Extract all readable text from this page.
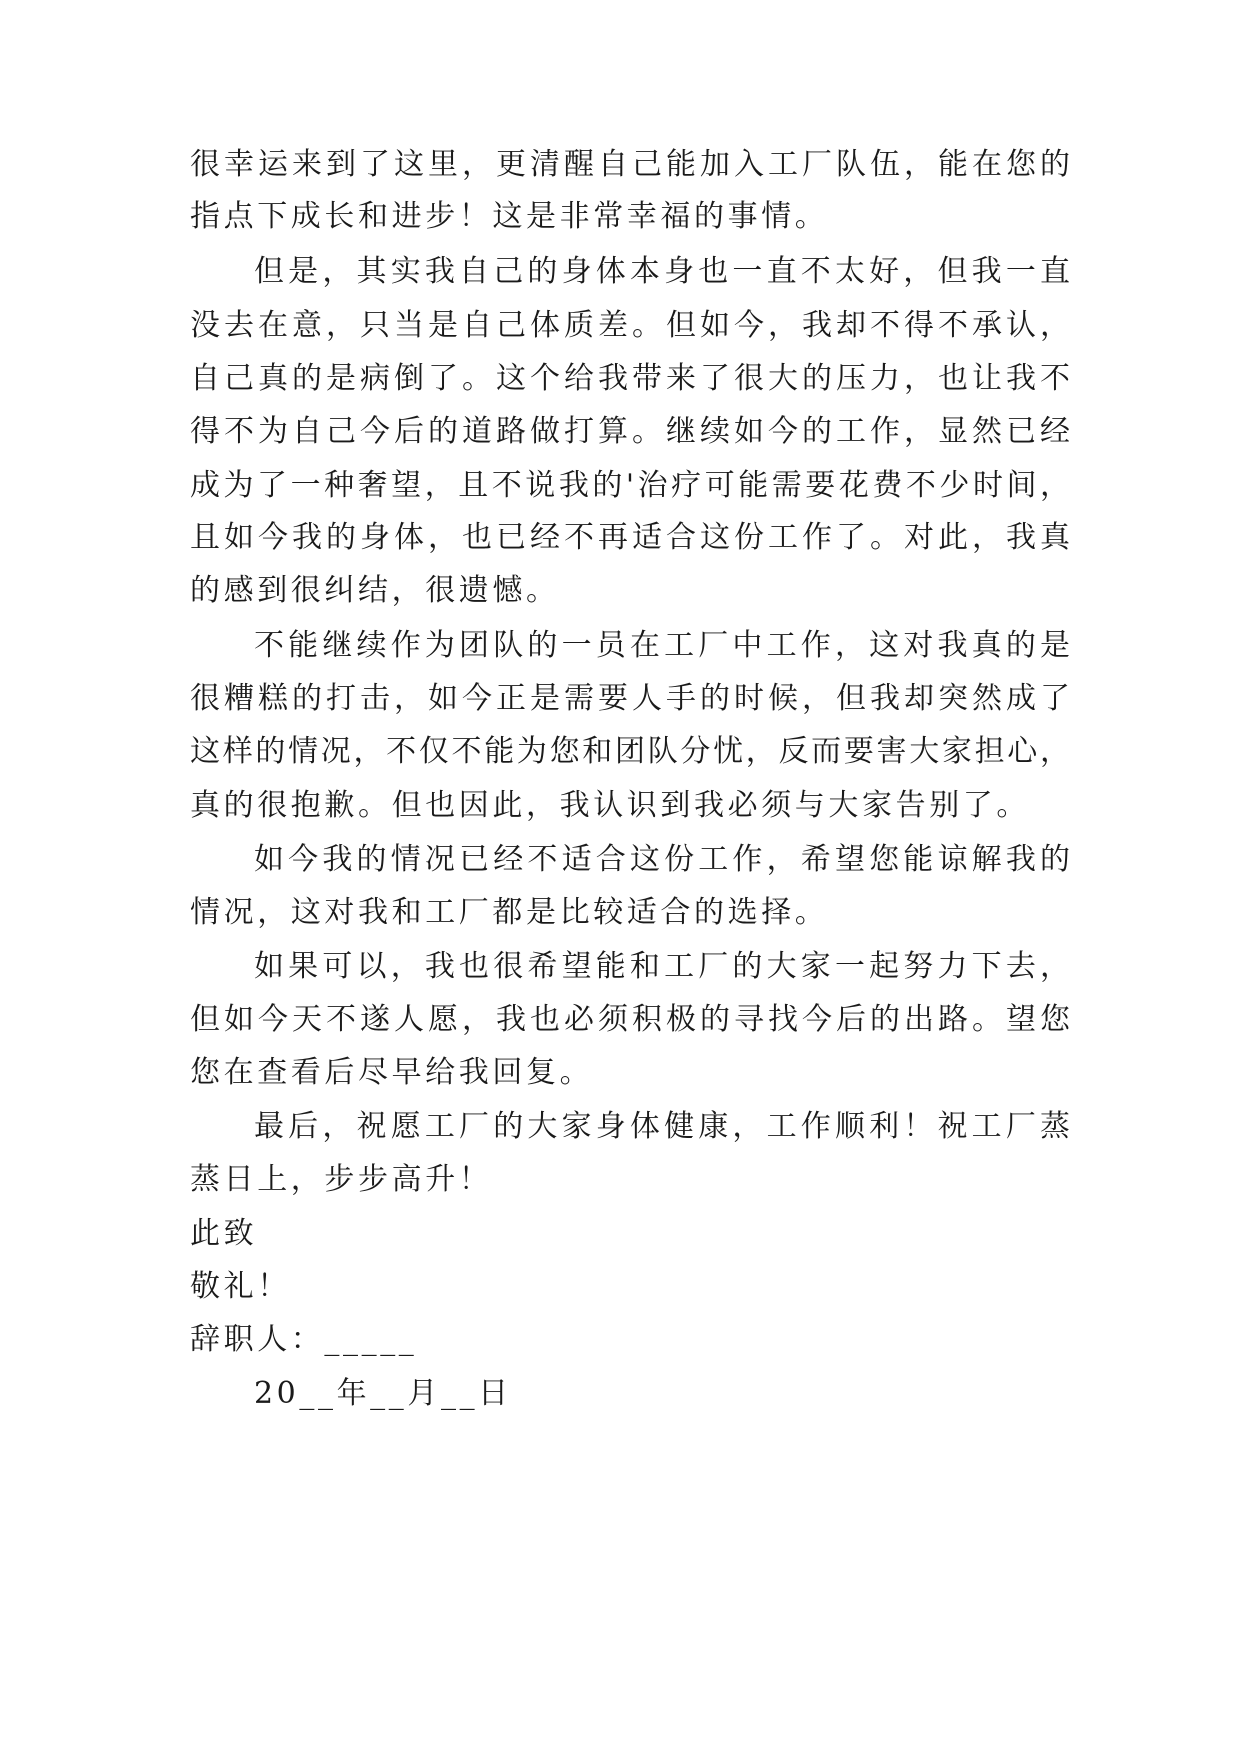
很幸运来到了这里，更清醒自己能加入工厂队伍，能在您的
指点下成长和进步！这是非常幸福的事情。
但是，其实我自己的身体本身也一直不太好，但我一直
没去在意，只当是自己体质差。但如今，我却不得不承认，
自己真的是病倒了。这个给我带来了很大的压力，也让我不
得不为自己今后的道路做打算。继续如今的工作，显然已经
成为了一种奢望，且不说我的'治疗可能需要花费不少时间，
且如今我的身体，也已经不再适合这份工作了。对此，我真
的感到很纠结，很遗憾。
不能继续作为团队的一员在工厂中工作，这对我真的是
很糟糕的打击，如今正是需要人手的时候，但我却突然成了
这样的情况，不仅不能为您和团队分忧，反而要害大家担心，
真的很抱歉。但也因此，我认识到我必须与大家告别了。
如今我的情况已经不适合这份工作，希望您能谅解我的
情况，这对我和工厂都是比较适合的选择。
如果可以，我也很希望能和工厂的大家一起努力下去，
但如今天不遂人愿，我也必须积极的寻找今后的出路。望您
您在查看后尽早给我回复。
最后，祝愿工厂的大家身体健康，工作顺利！祝工厂蒸
蒸日上，步步高升！
此致
敬礼！
辞职人：_____
20__年__月__日
